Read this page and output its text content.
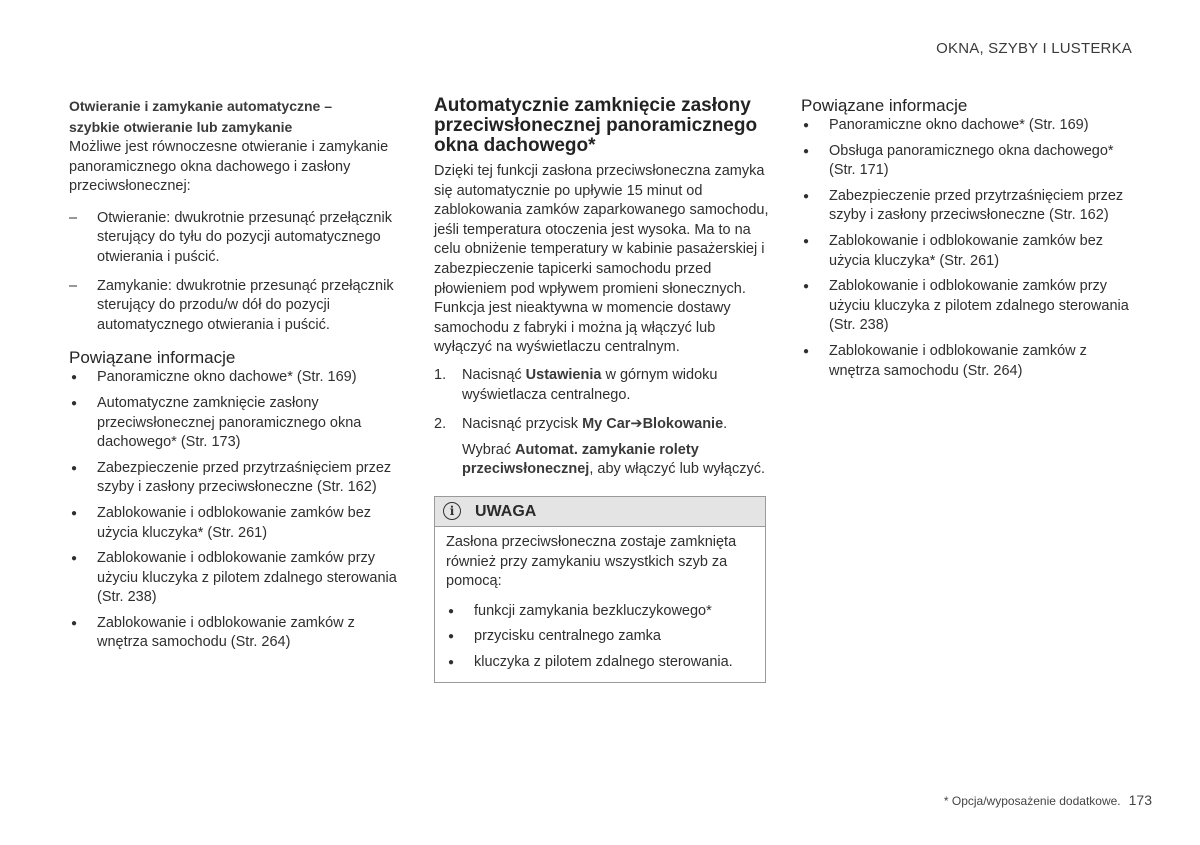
OKNA, SZYBY I LUSTERKA
Otwieranie i zamykanie automatyczne –
szybkie otwieranie lub zamykanie

Możliwe jest równoczesne otwieranie i zamykanie panoramicznego okna dachowego i zasłony przeciwsłonecznej:

– Otwieranie: dwukrotnie przesunąć przełącznik sterujący do tyłu do pozycji automatycznego otwierania i puścić.
– Zamykanie: dwukrotnie przesunąć przełącznik sterujący do przodu/w dół do pozycji automatycznego otwierania i puścić.
Powiązane informacje
● Panoramiczne okno dachowe* (Str. 169)
● Automatyczne zamknięcie zasłony przeciwsłonecznej panoramicznego okna dachowego* (Str. 173)
● Zabezpieczenie przed przytrzaśnięciem przez szyby i zasłony przeciwsłoneczne (Str. 162)
● Zablokowanie i odblokowanie zamków bez użycia kluczyka* (Str. 261)
● Zablokowanie i odblokowanie zamków przy użyciu kluczyka z pilotem zdalnego sterowania (Str. 238)
● Zablokowanie i odblokowanie zamków z wnętrza samochodu (Str. 264)
Automatycznie zamknięcie zasłony
przeciwsłonecznej panoramicznego
okna dachowego*

Dzięki tej funkcji zasłona przeciwsłoneczna zamyka się automatycznie po upływie 15 minut od zablokowania zamków zaparkowanego samochodu, jeśli temperatura otoczenia jest wysoka. Ma to na celu obniżenie temperatury w kabinie pasażerskiej i zabezpieczenie tapicerki samochodu przed płowieniem pod wpływem promieni słonecznych.

Funkcja jest nieaktywna w momencie dostawy samochodu z fabryki i można ją włączyć lub wyłączyć na wyświetlaczu centralnym.

1. Nacisnąć Ustawienia w górnym widoku wyświetlacza centralnego.
2. Nacisnąć przycisk My Car➔Blokowanie.

Wybrać Automat. zamykanie rolety przeciwsłonecznej, aby włączyć lub wyłączyć.

i	UWAGA

Zasłona przeciwsłoneczna zostaje zamknięta również przy zamykaniu wszystkich szyb za pomocą:

● funkcji zamykania bezkluczykowego*
● przycisku centralnego zamka
● kluczyka z pilotem zdalnego sterowania.
Powiązane informacje
● Panoramiczne okno dachowe* (Str. 169)
● Obsługa panoramicznego okna dachowego* (Str. 171)
● Zabezpieczenie przed przytrzaśnięciem przez szyby i zasłony przeciwsłoneczne (Str. 162)
● Zablokowanie i odblokowanie zamków bez użycia kluczyka* (Str. 261)
● Zablokowanie i odblokowanie zamków przy użyciu kluczyka z pilotem zdalnego sterowania (Str. 238)
● Zablokowanie i odblokowanie zamków z wnętrza samochodu (Str. 264)
* Opcja/wyposażenie dodatkowe. 173
